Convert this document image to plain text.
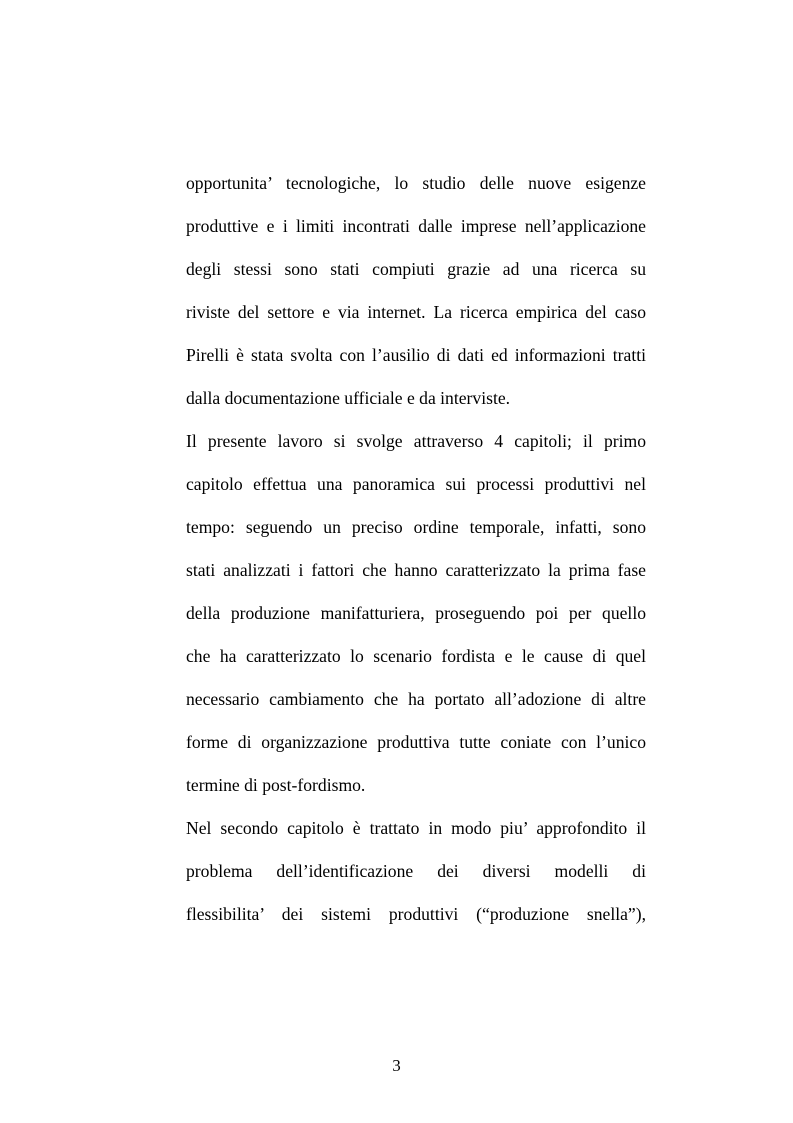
opportunita’ tecnologiche, lo studio delle nuove esigenze
produttive e i limiti incontrati dalle imprese nell’applicazione
degli stessi sono stati compiuti grazie ad una ricerca su
riviste del settore e via internet. La ricerca empirica del caso
Pirelli è stata svolta con l’ausilio di dati ed informazioni tratti
dalla documentazione ufficiale e da interviste.
Il presente lavoro si svolge attraverso 4 capitoli; il primo
capitolo effettua una panoramica sui processi produttivi nel
tempo: seguendo un preciso ordine temporale, infatti, sono
stati analizzati i fattori che hanno caratterizzato la prima fase
della produzione manifatturiera, proseguendo poi per quello
che ha caratterizzato lo scenario fordista e le cause di quel
necessario cambiamento che ha portato all’adozione di altre
forme di organizzazione produttiva tutte coniate con l’unico
termine di post-fordismo.
Nel secondo capitolo è trattato in modo piu’ approfondito il
problema dell’identificazione dei diversi modelli di
flessibilita’ dei sistemi produttivi (“produzione snella”),
3
